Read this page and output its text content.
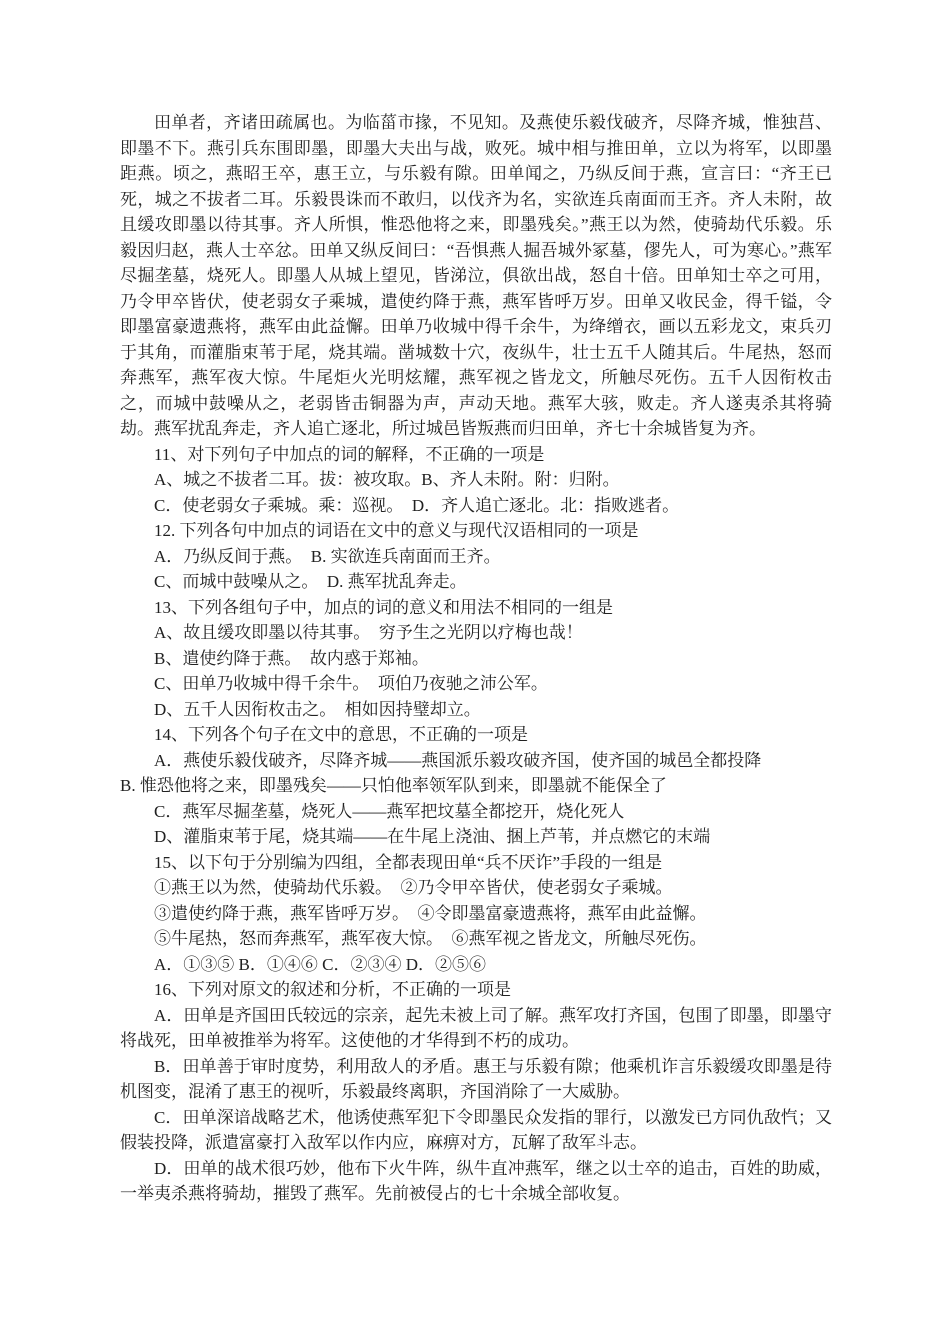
田单者，齐诸田疏属也。为临菑市掾，不见知。及燕使乐毅伐破齐，尽降齐城，惟独莒、即墨不下。燕引兵东围即墨，即墨大夫出与战，败死。城中相与推田单，立以为将军，以即墨距燕。顷之，燕昭王卒，惠王立，与乐毅有隙。田单闻之，乃纵反间于燕，宣言曰：“齐王已死，城之不拔者二耳。乐毅畏诛而不敢归，以伐齐为名，实欲连兵南面而王齐。齐人未附，故且缓攻即墨以待其事。齐人所惧，惟恐他将之来，即墨残矣。”燕王以为然，使骑劫代乐毅。乐毅因归赵，燕人士卒忿。田单又纵反间曰：“吾惧燕人掘吾城外冢墓，僇先人，可为寒心。”燕军尽掘垄墓，烧死人。即墨人从城上望见，皆涕泣，俱欲出战，怒自十倍。田单知士卒之可用，乃令甲卒皆伏，使老弱女子乘城，遣使约降于燕，燕军皆呼万岁。田单又收民金，得千镒，令即墨富豪遗燕将，燕军由此益懈。田单乃收城中得千余牛，为绛缯衣，画以五彩龙文，束兵刃于其角，而灌脂束苇于尾，烧其端。凿城数十穴，夜纵牛，壮士五千人随其后。牛尾热，怒而奔燕军，燕军夜大惊。牛尾炬火光明炫耀，燕军视之皆龙文，所触尽死伤。五千人因衔枚击之，而城中鼓噪从之，老弱皆击铜器为声，声动天地。燕军大骇，败走。齐人遂夷杀其将骑劫。燕军扰乱奔走，齐人追亡逐北，所过城邑皆叛燕而归田单，齐七十余城皆复为齐。

11、对下列句子中加点的词的解释，不正确的一项是

A、城之不拔者二耳。拔：被攻取。B、齐人未附。附：归附。

C．使老弱女子乘城。乘：巡视。　D．齐人追亡逐北。北：指败逃者。

12. 下列各句中加点的词语在文中的意义与现代汉语相同的一项是

A．乃纵反间于燕。　B. 实欲连兵南面而王齐。

C、而城中鼓噪从之。　D. 燕军扰乱奔走。

13、下列各组句子中，加点的词的意义和用法不相同的一组是

A、故且缓攻即墨以待其事。　穷予生之光阴以疗梅也哉！

B、遣使约降于燕。　故内惑于郑袖。

C、田单乃收城中得千余牛。　项伯乃夜驰之沛公军。

D、五千人因衔枚击之。　相如因持璧却立。

14、下列各个句子在文中的意思，不正确的一项是

A．燕使乐毅伐破齐，尽降齐城——燕国派乐毅攻破齐国，使齐国的城邑全都投降

B. 惟恐他将之来，即墨残矣——只怕他率领军队到来，即墨就不能保全了

C．燕军尽掘垄墓，烧死人——燕军把坟墓全都挖开，烧化死人

D、灌脂束苇于尾，烧其端——在牛尾上浇油、捆上芦苇，并点燃它的末端

15、以下句于分别编为四组，全都表现田单“兵不厌诈”手段的一组是

①燕王以为然，使骑劫代乐毅。　②乃令甲卒皆伏，使老弱女子乘城。

③遣使约降于燕，燕军皆呼万岁。　④令即墨富豪遗燕将，燕军由此益懈。

⑤牛尾热，怒而奔燕军，燕军夜大惊。　⑥燕军视之皆龙文，所触尽死伤。

A．①③⑤ B．①④⑥ C．②③④ D．②⑤⑥

16、下列对原文的叙述和分析，不正确的一项是

A．田单是齐国田氏较远的宗亲，起先未被上司了解。燕军攻打齐国，包围了即墨，即墨守将战死，田单被推举为将军。这使他的才华得到不朽的成功。

B．田单善于审时度势，利用敌人的矛盾。惠王与乐毅有隙；他乘机诈言乐毅缓攻即墨是待机图变，混淆了惠王的视听，乐毅最终离职，齐国消除了一大威胁。

C．田单深谙战略艺术，他诱使燕军犯下令即墨民众发指的罪行，以激发已方同仇敌忾；又假装投降，派遣富豪打入敌军以作内应，麻痹对方，瓦解了敌军斗志。

D．田单的战术很巧妙，他布下火牛阵，纵牛直冲燕军，继之以士卒的追击，百姓的助威，一举夷杀燕将骑劫，摧毁了燕军。先前被侵占的七十余城全部收复。
